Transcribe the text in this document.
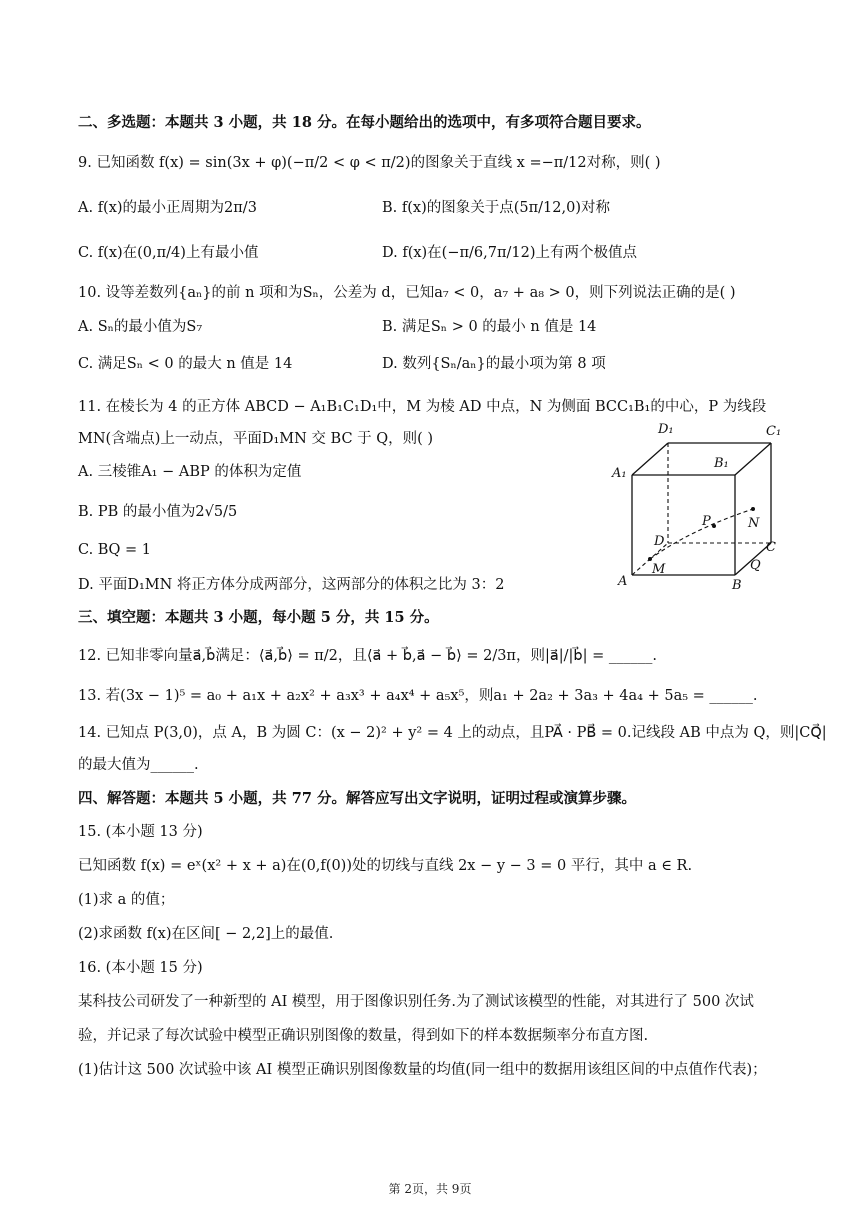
二、多选题：本题共 3 小题，共 18 分。在每小题给出的选项中，有多项符合题目要求。
9. 已知函数 f(x) = sin(3x + φ)(−π/2 < φ < π/2)的图象关于直线 x =−π/12对称，则( )
A. f(x)的最小正周期为2π/3	B. f(x)的图象关于点(5π/12,0)对称
C. f(x)在(0,π/4)上有最小值	D. f(x)在(−π/6,7π/12)上有两个极值点
10. 设等差数列{aₙ}的前 n 项和为Sₙ，公差为 d，已知a₇ < 0，a₇ + a₈ > 0，则下列说法正确的是( )
A. Sₙ的最小值为S₇	B. 满足Sₙ > 0 的最小 n 值是 14
C. 满足Sₙ < 0 的最大 n 值是 14	D. 数列{Sₙ/aₙ}的最小项为第 8 项
11. 在棱长为 4 的正方体 ABCD − A₁B₁C₁D₁中，M 为棱 AD 中点，N 为侧面 BCC₁B₁的中心，P 为线段
MN(含端点)上一动点，平面D₁MN 交 BC 于 Q，则( )
A. 三棱锥A₁ − ABP 的体积为定值
B. PB 的最小值为2√5/5
C. BQ = 1
D. 平面D₁MN 将正方体分成两部分，这两部分的体积之比为 3：2
D₁	C₁
A₁
B₁
P	N
D	C
M
A	B
Q
三、填空题：本题共 3 小题，每小题 5 分，共 15 分。
12. 已知非零向量a⃗,b⃗满足：⟨a⃗,b⃗⟩ = π/2，且⟨a⃗ + b⃗,a⃗ − b⃗⟩ = 2/3π，则|a⃗|/|b⃗| = ______.
13. 若(3x − 1)⁵ = a₀ + a₁x + a₂x² + a₃x³ + a₄x⁴ + a₅x⁵，则a₁ + 2a₂ + 3a₃ + 4a₄ + 5a₅ = ______.
14. 已知点 P(3,0)，点 A，B 为圆 C：(x − 2)² + y² = 4 上的动点，且PA⃗ · PB⃗ = 0.记线段 AB 中点为 Q，则|CQ⃗|
的最大值为______.
四、解答题：本题共 5 小题，共 77 分。解答应写出文字说明，证明过程或演算步骤。
15. (本小题 13 分)
已知函数 f(x) = eˣ(x² + x + a)在(0,f(0))处的切线与直线 2x − y − 3 = 0 平行，其中 a ∈ R.
(1)求 a 的值；
(2)求函数 f(x)在区间[ − 2,2]上的最值.
16. (本小题 15 分)
某科技公司研发了一种新型的 AI 模型，用于图像识别任务.为了测试该模型的性能，对其进行了 500 次试
验，并记录了每次试验中模型正确识别图像的数量，得到如下的样本数据频率分布直方图.
(1)估计这 500 次试验中该 AI 模型正确识别图像数量的均值(同一组中的数据用该组区间的中点值作代表)；
第 2页，共 9页
